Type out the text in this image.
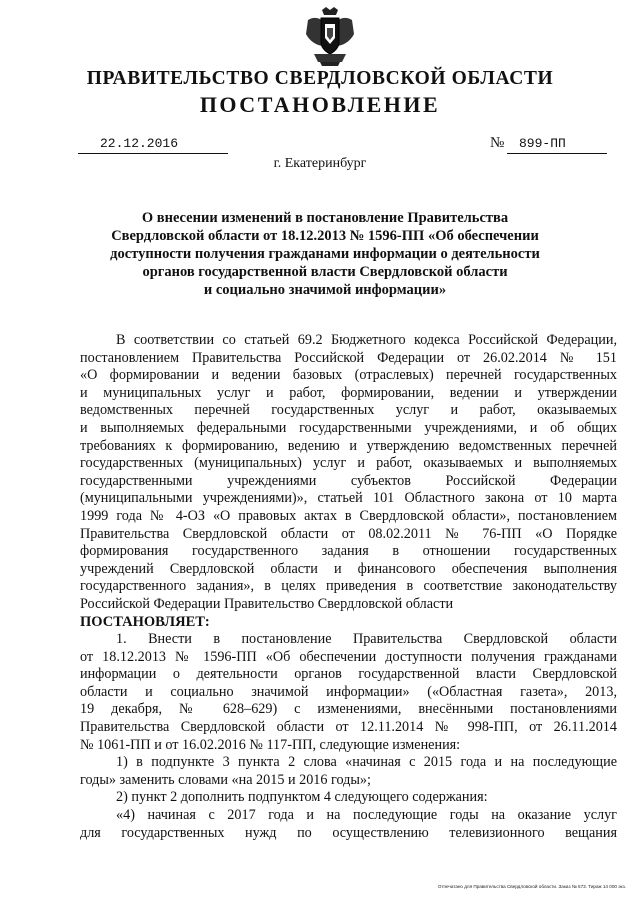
ПРАВИТЕЛЬСТВО СВЕРДЛОВСКОЙ ОБЛАСТИ
ПОСТАНОВЛЕНИЕ
22.12.2016	№	899-ПП
г. Екатеринбург
О внесении изменений в постановление Правительства
Свердловской области от 18.12.2013 № 1596-ПП «Об обеспечении
доступности получения гражданами информации о деятельности
органов государственной власти Свердловской области
и социально значимой информации»
В соответствии со статьей 69.2 Бюджетного кодекса Российской Федерации,
постановлением Правительства Российской Федерации от 26.02.2014 № 151
«О формировании и ведении базовых (отраслевых) перечней государственных
и муниципальных услуг и работ, формировании, ведении и утверждении
ведомственных перечней государственных услуг и работ, оказываемых
и выполняемых федеральными государственными учреждениями, и об общих
требованиях к формированию, ведению и утверждению ведомственных перечней
государственных (муниципальных) услуг и работ, оказываемых и выполняемых
государственными учреждениями субъектов Российской Федерации
(муниципальными учреждениями)», статьей 101 Областного закона от 10 марта
1999 года № 4-ОЗ «О правовых актах в Свердловской области», постановлением
Правительства Свердловской области от 08.02.2011 № 76-ПП «О Порядке
формирования государственного задания в отношении государственных
учреждений Свердловской области и финансового обеспечения выполнения
государственного задания», в целях приведения в соответствие законодательству
Российской Федерации Правительство Свердловской области
ПОСТАНОВЛЯЕТ:
1. Внести в постановление Правительства Свердловской области
от 18.12.2013 № 1596-ПП «Об обеспечении доступности получения гражданами
информации о деятельности органов государственной власти Свердловской
области и социально значимой информации» («Областная газета», 2013,
19 декабря, № 628–629) с изменениями, внесёнными постановлениями
Правительства Свердловской области от 12.11.2014 № 998-ПП, от 26.11.2014
№ 1061-ПП и от 16.02.2016 № 117-ПП, следующие изменения:
1) в подпункте 3 пункта 2 слова «начиная с 2015 года и на последующие
годы» заменить словами «на 2015 и 2016 годы»;
2) пункт 2 дополнить подпунктом 4 следующего содержания:
«4) начиная с 2017 года и на последующие годы на оказание услуг
для государственных нужд по осуществлению телевизионного вещания
Отпечатано для Правительства Свердловской области. Заказ № 573. Тираж 14 000 экз.
